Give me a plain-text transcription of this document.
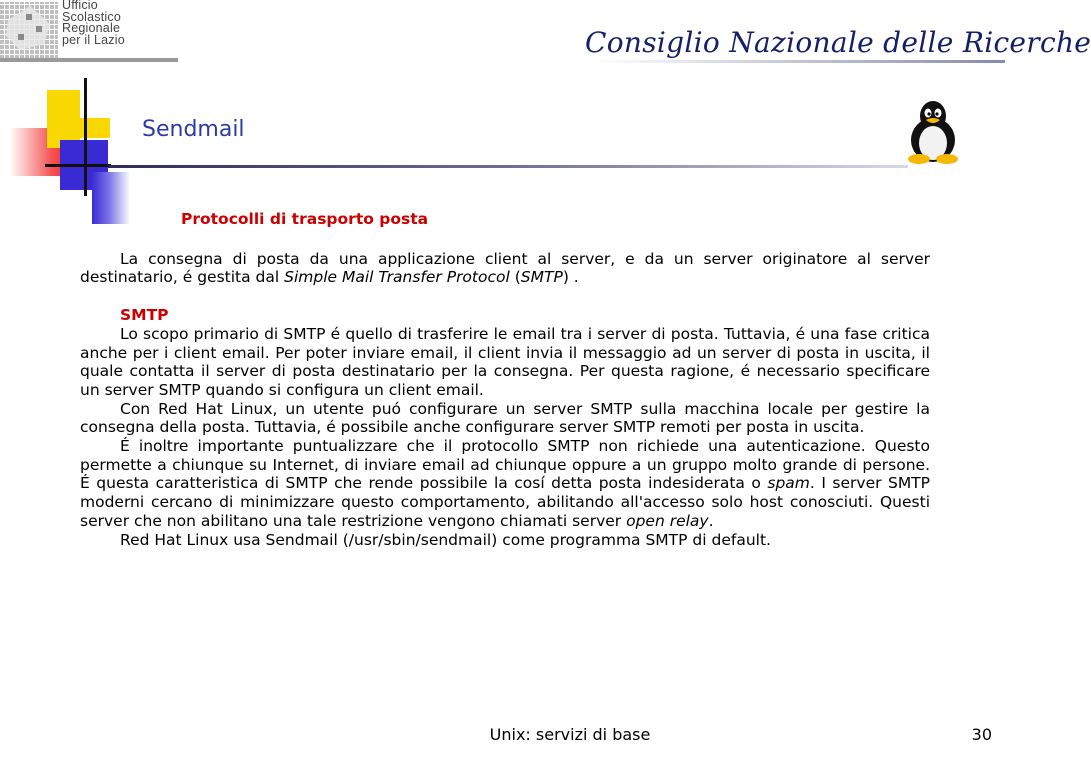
Ufficio
Scolastico
Regionale
per il Lazio	Consiglio Nazionale delle Ricerche
Sendmail
Protocolli di trasporto posta

La consegna di posta da una applicazione client al server, e da un server originatore al server destinatario, é gestita dal Simple Mail Transfer Protocol (SMTP) .

SMTP

Lo scopo primario di SMTP é quello di trasferire le email tra i server di posta. Tuttavia, é una fase critica anche per i client email. Per poter inviare email, il client invia il messaggio ad un server di posta in uscita, il quale contatta il server di posta destinatario per la consegna. Per questa ragione, é necessario specificare un server SMTP quando si configura un client email.

Con Red Hat Linux, un utente puó configurare un server SMTP sulla macchina locale per gestire la consegna della posta. Tuttavia, é possibile anche configurare server SMTP remoti per posta in uscita.

É inoltre importante puntualizzare che il protocollo SMTP non richiede una autenticazione. Questo permette a chiunque su Internet, di inviare email ad chiunque oppure a un gruppo molto grande di persone. É questa caratteristica di SMTP che rende possibile la cosí detta posta indesiderata o spam. I server SMTP moderni cercano di minimizzare questo comportamento, abilitando all'accesso solo host conosciuti. Questi server che non abilitano una tale restrizione vengono chiamati server open relay.

Red Hat Linux usa Sendmail (/usr/sbin/sendmail) come programma SMTP di default.

Unix: servizi di base	30
